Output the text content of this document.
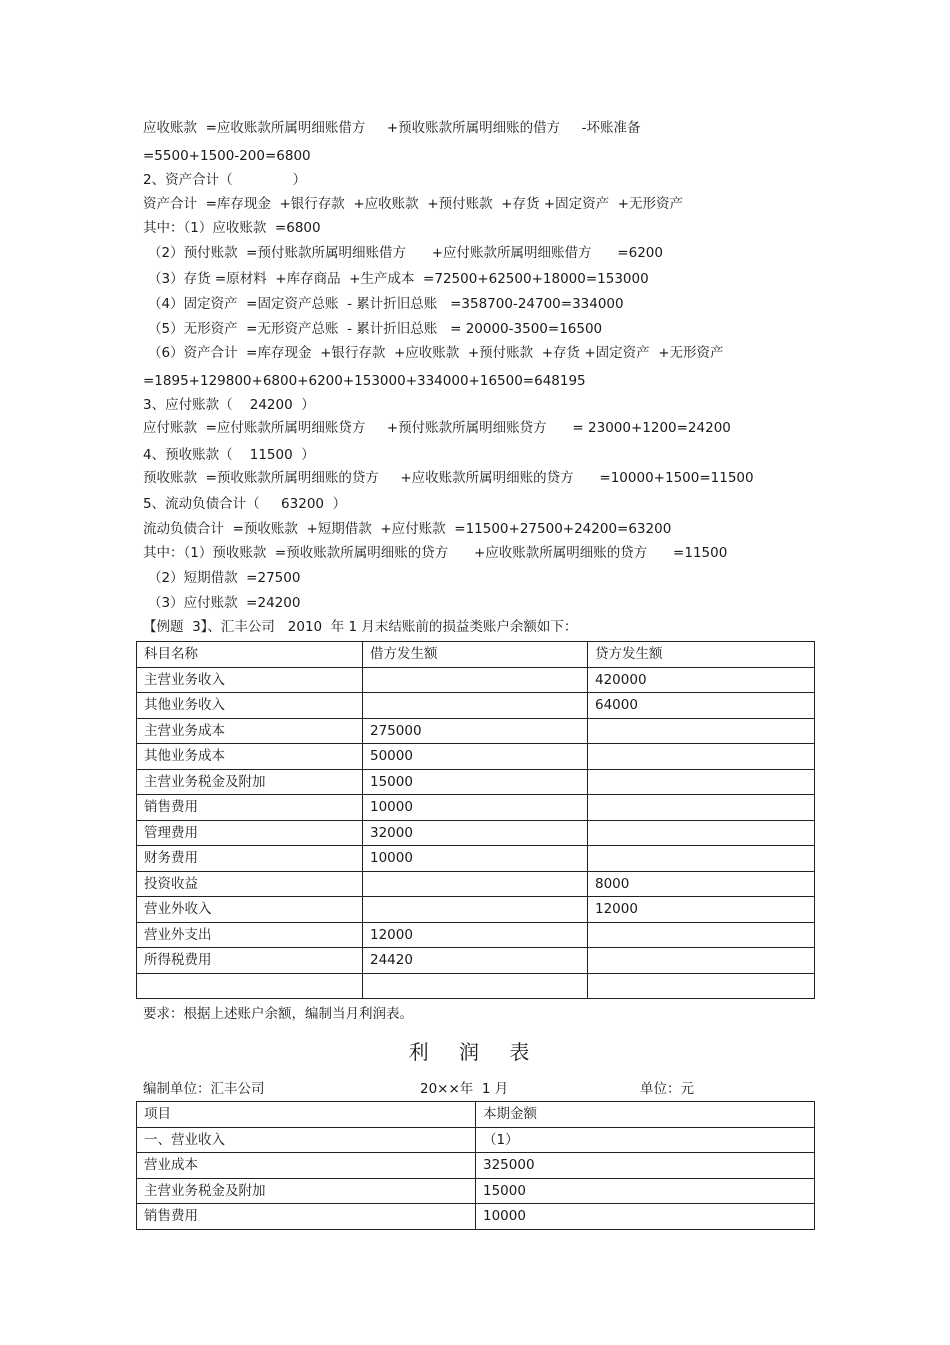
应收账款  =应收账款所属明细账借方     +预收账款所属明细账的借方     -坏账准备
=5500+1500-200=6800
2、资产合计（              ）
资产合计  =库存现金  +银行存款  +应收账款  +预付账款  +存货 +固定资产  +无形资产
其中：（1）应收账款  =6800
（2）预付账款  =预付账款所属明细账借方      +应付账款所属明细账借方      =6200
（3）存货 =原材料  +库存商品  +生产成本  =72500+62500+18000=153000
（4）固定资产  =固定资产总账  - 累计折旧总账   =358700-24700=334000
（5）无形资产  =无形资产总账  - 累计折旧总账   = 20000-3500=16500
（6）资产合计  =库存现金  +银行存款  +应收账款  +预付账款  +存货 +固定资产  +无形资产
=1895+129800+6800+6200+153000+334000+16500=648195
3、应付账款（    24200  ）
应付账款  =应付账款所属明细账贷方     +预付账款所属明细账贷方      = 23000+1200=24200
4、预收账款（    11500  ）
预收账款  =预收账款所属明细账的贷方     +应收账款所属明细账的贷方      =10000+1500=11500
5、流动负债合计（     63200  ）
流动负债合计  =预收账款  +短期借款  +应付账款  =11500+27500+24200=63200
其中：（1）预收账款  =预收账款所属明细账的贷方      +应收账款所属明细账的贷方      =11500
（2）短期借款  =27500
（3）应付账款  =24200
【例题  3】、汇丰公司   2010  年 1 月末结账前的损益类账户余额如下：
科目名称	借方发生额	贷方发生额
主营业务收入		420000
其他业务收入		64000
主营业务成本	275000	
其他业务成本	50000	
主营业务税金及附加	15000	
销售费用	10000	
管理费用	32000	
财务费用	10000	
投资收益		8000
营业外收入		12000
营业外支出	12000	
所得税费用	24420	

要求：根据上述账户余额，编制当月利润表。
利 润 表
编制单位：汇丰公司	20××年  1 月	单位：元
项目	本期金额
一、营业收入	（1）
营业成本	325000
主营业务税金及附加	15000
销售费用	10000
